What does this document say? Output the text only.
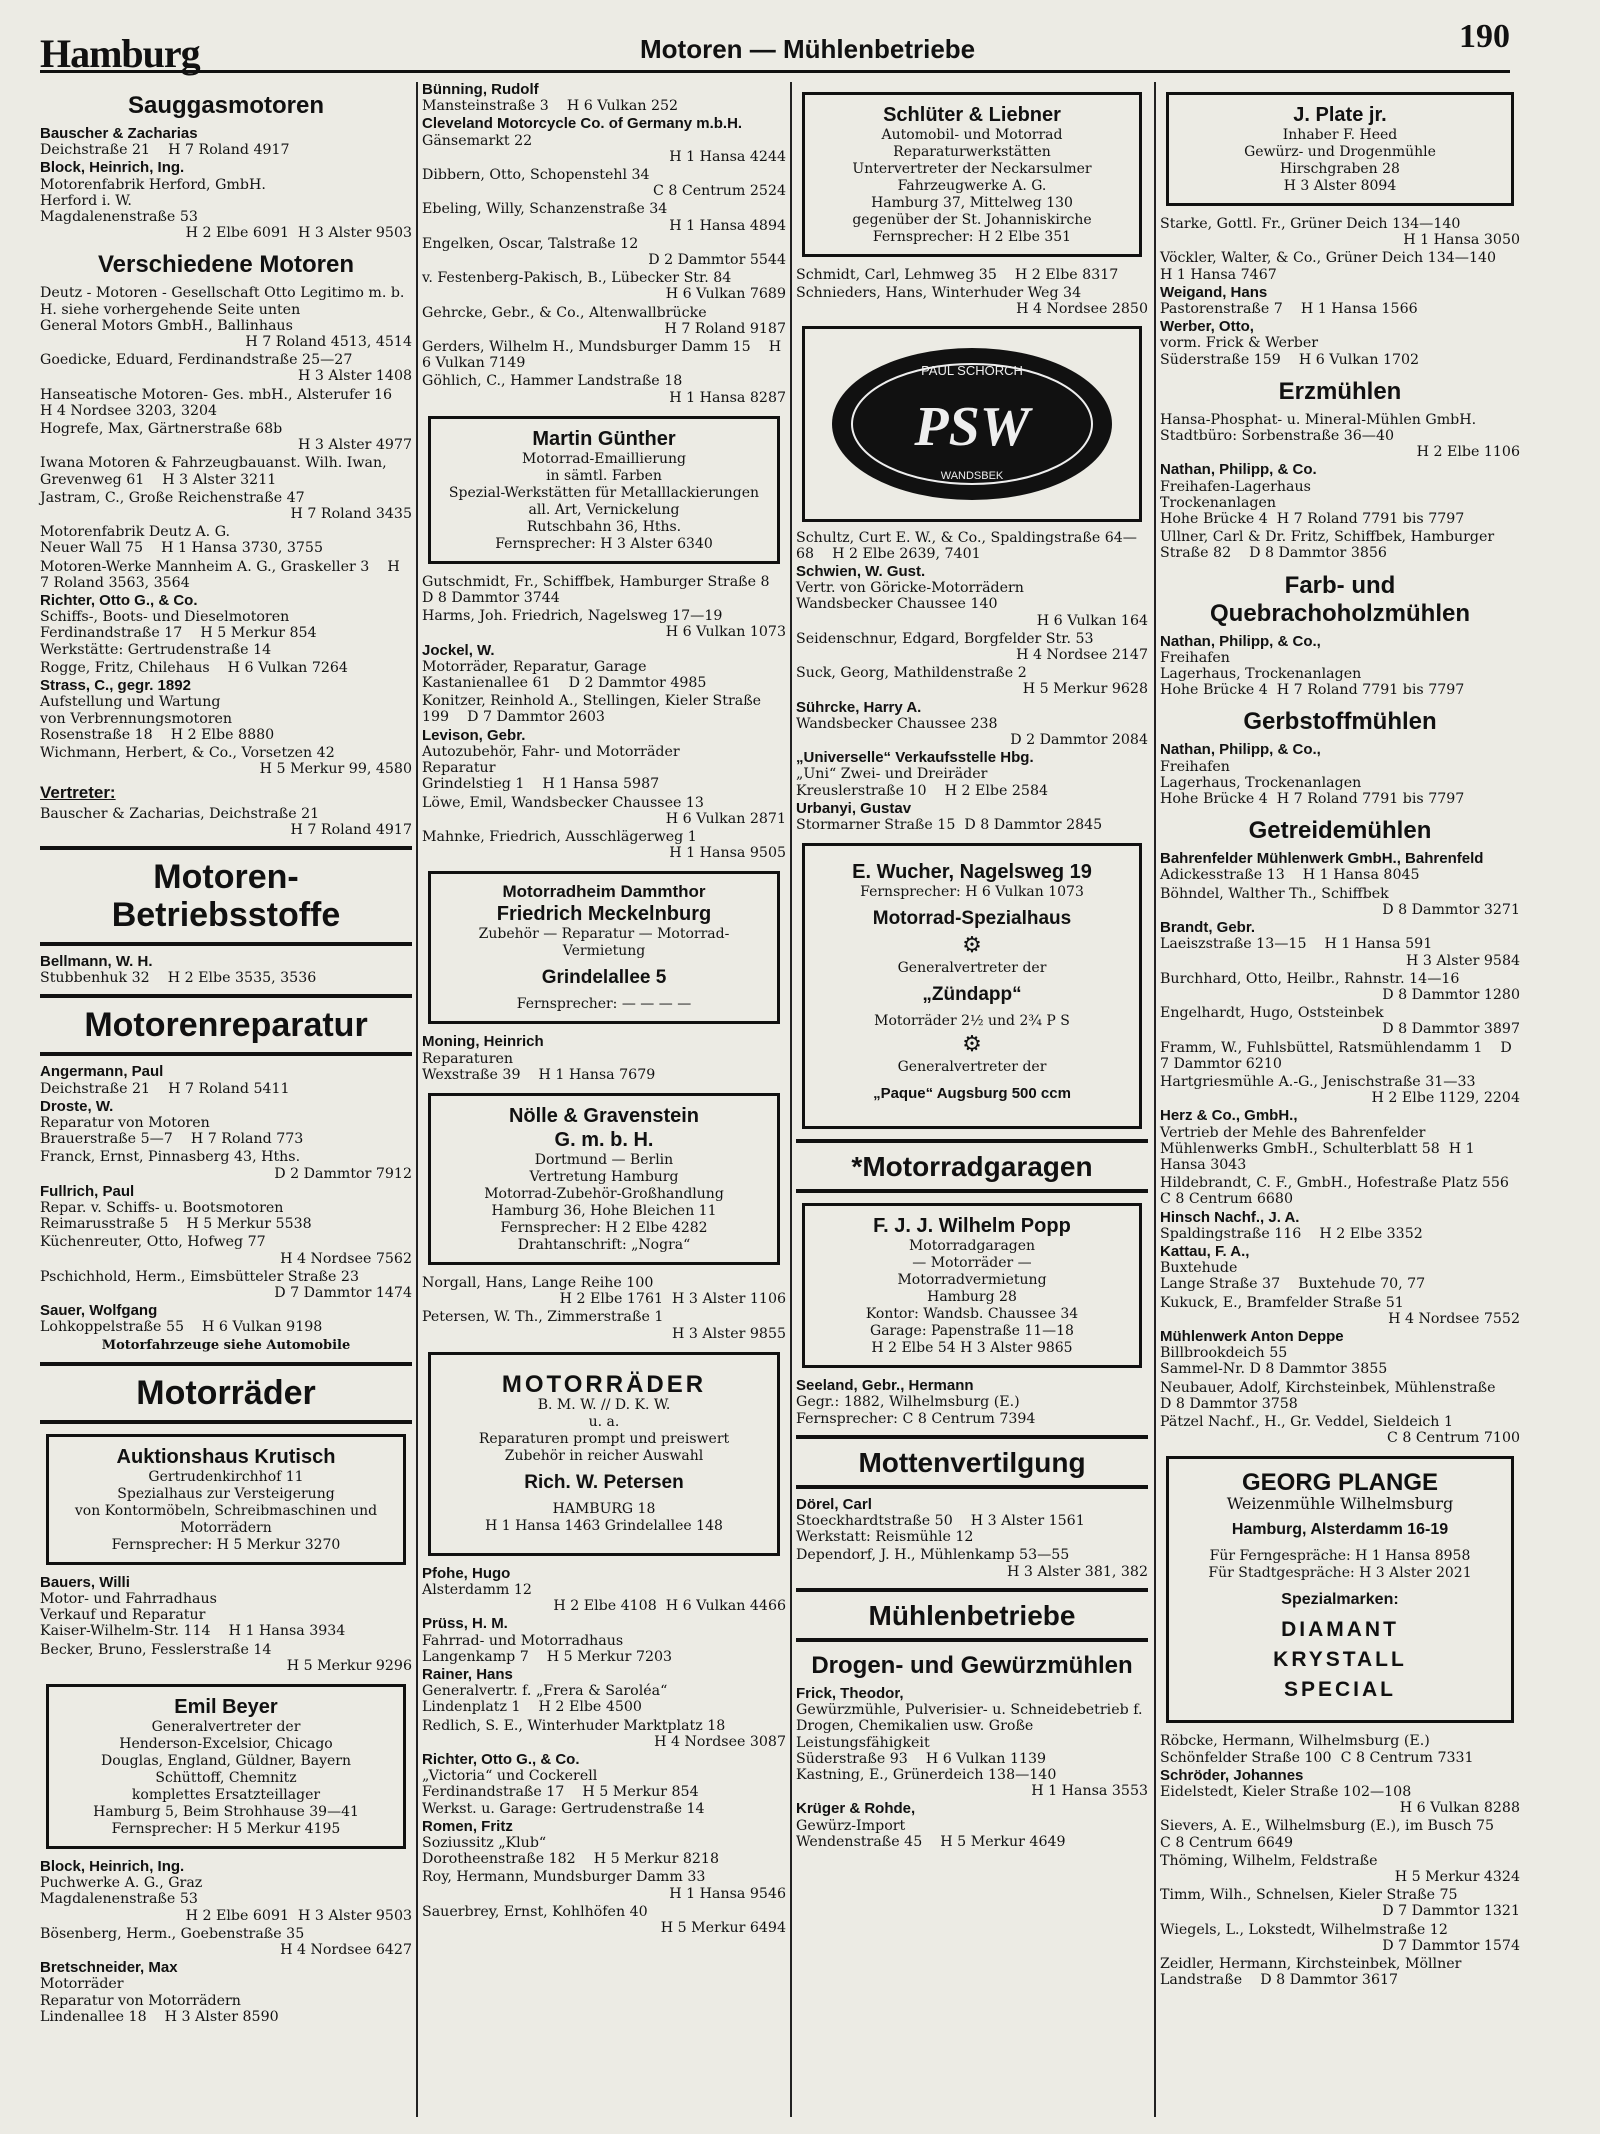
Hamburg	Motoren — Mühlenbetriebe	190
Sauggasmotoren
Bauscher & Zacharias
Deichstraße 21    H 7 Roland 4917
Block, Heinrich, Ing.
Motorenfabrik Herford, GmbH.
Herford i. W.
Magdalenenstraße 53
H 2 Elbe 6091  H 3 Alster 9503
Verschiedene Motoren
Deutz - Motoren - Gesellschaft Otto Legitimo m. b. H. siehe vorhergehende Seite unten
General Motors GmbH., Ballinhaus
H 7 Roland 4513, 4514
Goedicke, Eduard, Ferdinandstraße 25—27
H 3 Alster 1408
Hanseatische Motoren- Ges. mbH., Alsterufer 16    H 4 Nordsee 3203, 3204
Hogrefe, Max, Gärtnerstraße 68b
H 3 Alster 4977
Iwana Motoren & Fahrzeugbauanst. Wilh. Iwan, Grevenweg 61    H 3 Alster 3211
Jastram, C., Große Reichenstraße 47
H 7 Roland 3435
Motorenfabrik Deutz A. G.
Neuer Wall 75    H 1 Hansa 3730, 3755
Motoren-Werke Mannheim A. G., Graskeller 3    H 7 Roland 3563, 3564
Richter, Otto G., & Co.
Schiffs-, Boots- und Dieselmotoren
Ferdinandstraße 17    H 5 Merkur 854
Werkstätte: Gertrudenstraße 14
Rogge, Fritz, Chilehaus    H 6 Vulkan 7264
Strass, C., gegr. 1892
Aufstellung und Wartung
von Verbrennungsmotoren
Rosenstraße 18    H 2 Elbe 8880
Wichmann, Herbert, & Co., Vorsetzen 42
H 5 Merkur 99, 4580
Vertreter:
Bauscher & Zacharias, Deichstraße 21
H 7 Roland 4917
Motoren-Betriebsstoffe
Bellmann, W. H.
Stubbenhuk 32    H 2 Elbe 3535, 3536
Motorenreparatur
Angermann, Paul
Deichstraße 21    H 7 Roland 5411
Droste, W.
Reparatur von Motoren
Brauerstraße 5—7    H 7 Roland 773
Franck, Ernst, Pinnasberg 43, Hths.
D 2 Dammtor 7912
Fullrich, Paul
Repar. v. Schiffs- u. Bootsmotoren
Reimarusstraße 5    H 5 Merkur 5538
Küchenreuter, Otto, Hofweg 77
H 4 Nordsee 7562
Pschichhold, Herm., Eimsbütteler Straße 23
D 7 Dammtor 1474
Sauer, Wolfgang
Lohkoppelstraße 55    H 6 Vulkan 9198
Motorfahrzeuge siehe Automobile
Motorräder
Auktionshaus Krutisch
Gertrudenkirchhof 11
Spezialhaus zur Versteigerung
von Kontormöbeln, Schreibmaschinen und Motorrädern
Fernsprecher: H 5 Merkur 3270
Bauers, Willi
Motor- und Fahrradhaus
Verkauf und Reparatur
Kaiser-Wilhelm-Str. 114    H 1 Hansa 3934
Becker, Bruno, Fesslerstraße 14
H 5 Merkur 9296
Emil Beyer
Generalvertreter der
Henderson-Excelsior, Chicago
Douglas, England, Güldner, Bayern
Schüttoff, Chemnitz
komplettes Ersatzteillager
Hamburg 5, Beim Strohhause 39—41
Fernsprecher: H 5 Merkur 4195
Block, Heinrich, Ing.
Puchwerke A. G., Graz
Magdalenenstraße 53
H 2 Elbe 6091  H 3 Alster 9503
Bösenberg, Herm., Goebenstraße 35
H 4 Nordsee 6427
Bretschneider, Max
Motorräder
Reparatur von Motorrädern
Lindenallee 18    H 3 Alster 8590
Bünning, Rudolf
Mansteinstraße 3    H 6 Vulkan 252
Cleveland Motorcycle Co. of Germany m.b.H.
Gänsemarkt 22
H 1 Hansa 4244
Dibbern, Otto, Schopenstehl 34
C 8 Centrum 2524
Ebeling, Willy, Schanzenstraße 34
H 1 Hansa 4894
Engelken, Oscar, Talstraße 12
D 2 Dammtor 5544
v. Festenberg-Pakisch, B., Lübecker Str. 84
H 6 Vulkan 7689
Gehrcke, Gebr., & Co., Altenwallbrücke
H 7 Roland 9187
Gerders, Wilhelm H., Mundsburger Damm 15    H 6 Vulkan 7149
Göhlich, C., Hammer Landstraße 18
H 1 Hansa 8287
Martin Günther
Motorrad-Emaillierung
in sämtl. Farben
Spezial-Werkstätten für Metalllackierungen all. Art, Vernickelung
Rutschbahn 36, Hths.
Fernsprecher: H 3 Alster 6340
Gutschmidt, Fr., Schiffbek, Hamburger Straße 8    D 8 Dammtor 3744
Harms, Joh. Friedrich, Nagelsweg 17—19
H 6 Vulkan 1073
Jockel, W.
Motorräder, Reparatur, Garage
Kastanienallee 61    D 2 Dammtor 4985
Konitzer, Reinhold A., Stellingen, Kieler Straße 199    D 7 Dammtor 2603
Levison, Gebr.
Autozubehör, Fahr- und Motorräder
Reparatur
Grindelstieg 1    H 1 Hansa 5987
Löwe, Emil, Wandsbecker Chaussee 13
H 6 Vulkan 2871
Mahnke, Friedrich, Ausschlägerweg 1
H 1 Hansa 9505
Motorradheim Dammthor
Friedrich Meckelnburg
Zubehör — Reparatur — Motorrad-Vermietung
Grindelallee 5
Fernsprecher: — — — —
Moning, Heinrich
Reparaturen
Wexstraße 39    H 1 Hansa 7679
Nölle & Gravenstein
G. m. b. H.
Dortmund — Berlin
Vertretung Hamburg
Motorrad-Zubehör-Großhandlung
Hamburg 36, Hohe Bleichen 11
Fernsprecher: H 2 Elbe 4282
Drahtanschrift: „Nogra“
Norgall, Hans, Lange Reihe 100
H 2 Elbe 1761  H 3 Alster 1106
Petersen, W. Th., Zimmerstraße 1
H 3 Alster 9855
MOTORRÄDER
B. M. W. // D. K. W.
u. a.
Reparaturen prompt und preiswert
Zubehör in reicher Auswahl
Rich. W. Petersen
HAMBURG 18
H 1 Hansa 1463 Grindelallee 148
Pfohe, Hugo
Alsterdamm 12
H 2 Elbe 4108  H 6 Vulkan 4466
Prüss, H. M.
Fahrrad- und Motorradhaus
Langenkamp 7    H 5 Merkur 7203
Rainer, Hans
Generalvertr. f. „Frera & Saroléa“
Lindenplatz 1    H 2 Elbe 4500
Redlich, S. E., Winterhuder Marktplatz 18
H 4 Nordsee 3087
Richter, Otto G., & Co.
„Victoria“ und Cockerell
Ferdinandstraße 17    H 5 Merkur 854
Werkst. u. Garage: Gertrudenstraße 14
Romen, Fritz
Soziussitz „Klub“
Dorotheenstraße 182    H 5 Merkur 8218
Roy, Hermann, Mundsburger Damm 33
H 1 Hansa 9546
Sauerbrey, Ernst, Kohlhöfen 40
H 5 Merkur 6494
Schlüter & Liebner
Automobil- und Motorrad Reparaturwerkstätten
Untervertreter der Neckarsulmer Fahrzeugwerke A. G.
Hamburg 37, Mittelweg 130
gegenüber der St. Johanniskirche
Fernsprecher: H 2 Elbe 351
Schmidt, Carl, Lehmweg 35    H 2 Elbe 8317
Schnieders, Hans, Winterhuder Weg 34
H 4 Nordsee 2850
PAUL SCHORCH
PSW
WANDSBEK
Schultz, Curt E. W., & Co., Spaldingstraße 64—68    H 2 Elbe 2639, 7401
Schwien, W. Gust.
Vertr. von Göricke-Motorrädern
Wandsbecker Chaussee 140
H 6 Vulkan 164
Seidenschnur, Edgard, Borgfelder Str. 53
H 4 Nordsee 2147
Suck, Georg, Mathildenstraße 2
H 5 Merkur 9628
Sührcke, Harry A.
Wandsbecker Chaussee 238
D 2 Dammtor 2084
„Universelle“ Verkaufsstelle Hbg.
„Uni“ Zwei- und Dreiräder
Kreuslerstraße 10    H 2 Elbe 2584
Urbanyi, Gustav
Stormarner Straße 15  D 8 Dammtor 2845
E. Wucher, Nagelsweg 19
Fernsprecher: H 6 Vulkan 1073
Motorrad-Spezialhaus
⚙
Generalvertreter der
„Zündapp“
Motorräder 2½ und 2¾ P S
⚙
Generalvertreter der
„Paque“ Augsburg 500 ccm
*Motorradgaragen
F. J. J. Wilhelm Popp
Motorradgaragen
— Motorräder —
Motorradvermietung
Hamburg 28
Kontor: Wandsb. Chaussee 34
Garage: Papenstraße 11—18
H 2 Elbe 54 H 3 Alster 9865
Seeland, Gebr., Hermann
Gegr.: 1882, Wilhelmsburg (E.)
Fernsprecher: C 8 Centrum 7394
Mottenvertilgung
Dörel, Carl
Stoeckhardtstraße 50    H 3 Alster 1561
Werkstatt: Reismühle 12
Dependorf, J. H., Mühlenkamp 53—55
H 3 Alster 381, 382
Mühlenbetriebe
Drogen- und Gewürzmühlen
Frick, Theodor,
Gewürzmühle, Pulverisier- u. Schneidebetrieb f. Drogen, Chemikalien usw. Große Leistungsfähigkeit
Süderstraße 93    H 6 Vulkan 1139
Kastning, E., Grünerdeich 138—140
H 1 Hansa 3553
Krüger & Rohde,
Gewürz-Import
Wendenstraße 45    H 5 Merkur 4649
J. Plate jr.
Inhaber F. Heed
Gewürz- und Drogenmühle
Hirschgraben 28
H 3 Alster 8094
Starke, Gottl. Fr., Grüner Deich 134—140
H 1 Hansa 3050
Vöckler, Walter, & Co., Grüner Deich 134—140    H 1 Hansa 7467
Weigand, Hans
Pastorenstraße 7    H 1 Hansa 1566
Werber, Otto,
vorm. Frick & Werber
Süderstraße 159    H 6 Vulkan 1702
Erzmühlen
Hansa-Phosphat- u. Mineral-Mühlen GmbH.
Stadtbüro: Sorbenstraße 36—40
H 2 Elbe 1106
Nathan, Philipp, & Co.
Freihafen-Lagerhaus
Trockenanlagen
Hohe Brücke 4  H 7 Roland 7791 bis 7797
Ullner, Carl & Dr. Fritz, Schiffbek, Hamburger Straße 82    D 8 Dammtor 3856
Farb- und Quebrachoholzmühlen
Nathan, Philipp, & Co.,
Freihafen
Lagerhaus, Trockenanlagen
Hohe Brücke 4  H 7 Roland 7791 bis 7797
Gerbstoffmühlen
Nathan, Philipp, & Co.,
Freihafen
Lagerhaus, Trockenanlagen
Hohe Brücke 4  H 7 Roland 7791 bis 7797
Getreidemühlen
Bahrenfelder Mühlenwerk GmbH., Bahrenfeld
Adickesstraße 13    H 1 Hansa 8045
Böhndel, Walther Th., Schiffbek
D 8 Dammtor 3271
Brandt, Gebr.
Laeiszstraße 13—15    H 1 Hansa 591
H 3 Alster 9584
Burchhard, Otto, Heilbr., Rahnstr. 14—16
D 8 Dammtor 1280
Engelhardt, Hugo, Oststeinbek
D 8 Dammtor 3897
Framm, W., Fuhlsbüttel, Ratsmühlendamm 1    D 7 Dammtor 6210
Hartgriesmühle A.-G., Jenischstraße 31—33
H 2 Elbe 1129, 2204
Herz & Co., GmbH.,
Vertrieb der Mehle des Bahrenfelder Mühlenwerks GmbH., Schulterblatt 58  H 1 Hansa 3043
Hildebrandt, C. F., GmbH., Hofestraße Platz 556    C 8 Centrum 6680
Hinsch Nachf., J. A.
Spaldingstraße 116    H 2 Elbe 3352
Kattau, F. A.,
Buxtehude
Lange Straße 37    Buxtehude 70, 77
Kukuck, E., Bramfelder Straße 51
H 4 Nordsee 7552
Mühlenwerk Anton Deppe
Billbrookdeich 55
Sammel-Nr. D 8 Dammtor 3855
Neubauer, Adolf, Kirchsteinbek, Mühlenstraße    D 8 Dammtor 3758
Pätzel Nachf., H., Gr. Veddel, Sieldeich 1
C 8 Centrum 7100
GEORG PLANGE
Weizenmühle Wilhelmsburg
Hamburg, Alsterdamm 16-19
Für Ferngespräche: H 1 Hansa 8958
Für Stadtgespräche: H 3 Alster 2021
Spezialmarken:
DIAMANT
KRYSTALL
SPECIAL
Röbcke, Hermann, Wilhelmsburg (E.)
Schönfelder Straße 100  C 8 Centrum 7331
Schröder, Johannes
Eidelstedt, Kieler Straße 102—108
H 6 Vulkan 8288
Sievers, A. E., Wilhelmsburg (E.), im Busch 75    C 8 Centrum 6649
Thöming, Wilhelm, Feldstraße
H 5 Merkur 4324
Timm, Wilh., Schnelsen, Kieler Straße 75
D 7 Dammtor 1321
Wiegels, L., Lokstedt, Wilhelmstraße 12
D 7 Dammtor 1574
Zeidler, Hermann, Kirchsteinbek, Möllner Landstraße    D 8 Dammtor 3617
